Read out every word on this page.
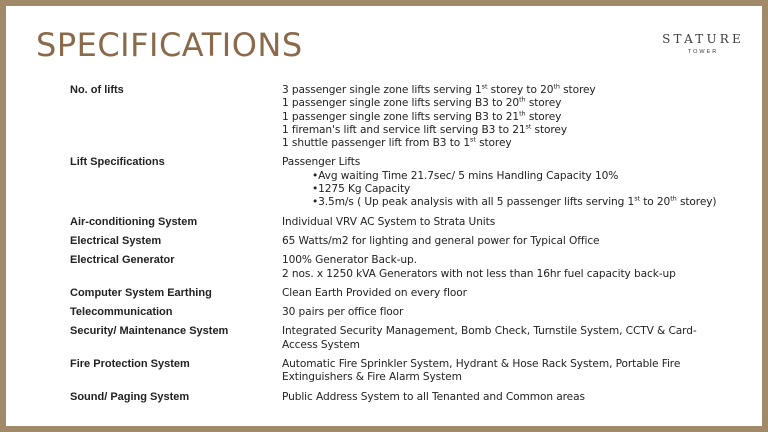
SPECIFICATIONS	STATURE
TOWER
No. of lifts	3 passenger single zone lifts serving 1st storey to 20th storey
1 passenger single zone lifts serving B3 to 20th storey
1 passenger single zone lifts serving B3 to 21th storey
1 fireman's lift and service lift serving B3 to 21st storey
1 shuttle passenger lift from B3 to 1st storey
Lift Specifications	Passenger Lifts
•Avg waiting Time 21.7sec/ 5 mins Handling Capacity 10%
•1275 Kg Capacity
•3.5m/s ( Up peak analysis with all 5 passenger lifts serving 1st to 20th storey)
Air-conditioning System	Individual VRV AC System to Strata Units
Electrical System	65 Watts/m2 for lighting and general power for Typical Office
Electrical Generator	100% Generator Back-up.
2 nos. x 1250 kVA Generators with not less than 16hr fuel capacity back-up
Computer System Earthing	Clean Earth Provided on every floor
Telecommunication	30 pairs per office floor
Security/ Maintenance System	Integrated Security Management, Bomb Check, Turnstile System, CCTV & Card-
Access System
Fire Protection System	Automatic Fire Sprinkler System, Hydrant & Hose Rack System, Portable Fire
Extinguishers & Fire Alarm System
Sound/ Paging System	Public Address System to all Tenanted and Common areas
